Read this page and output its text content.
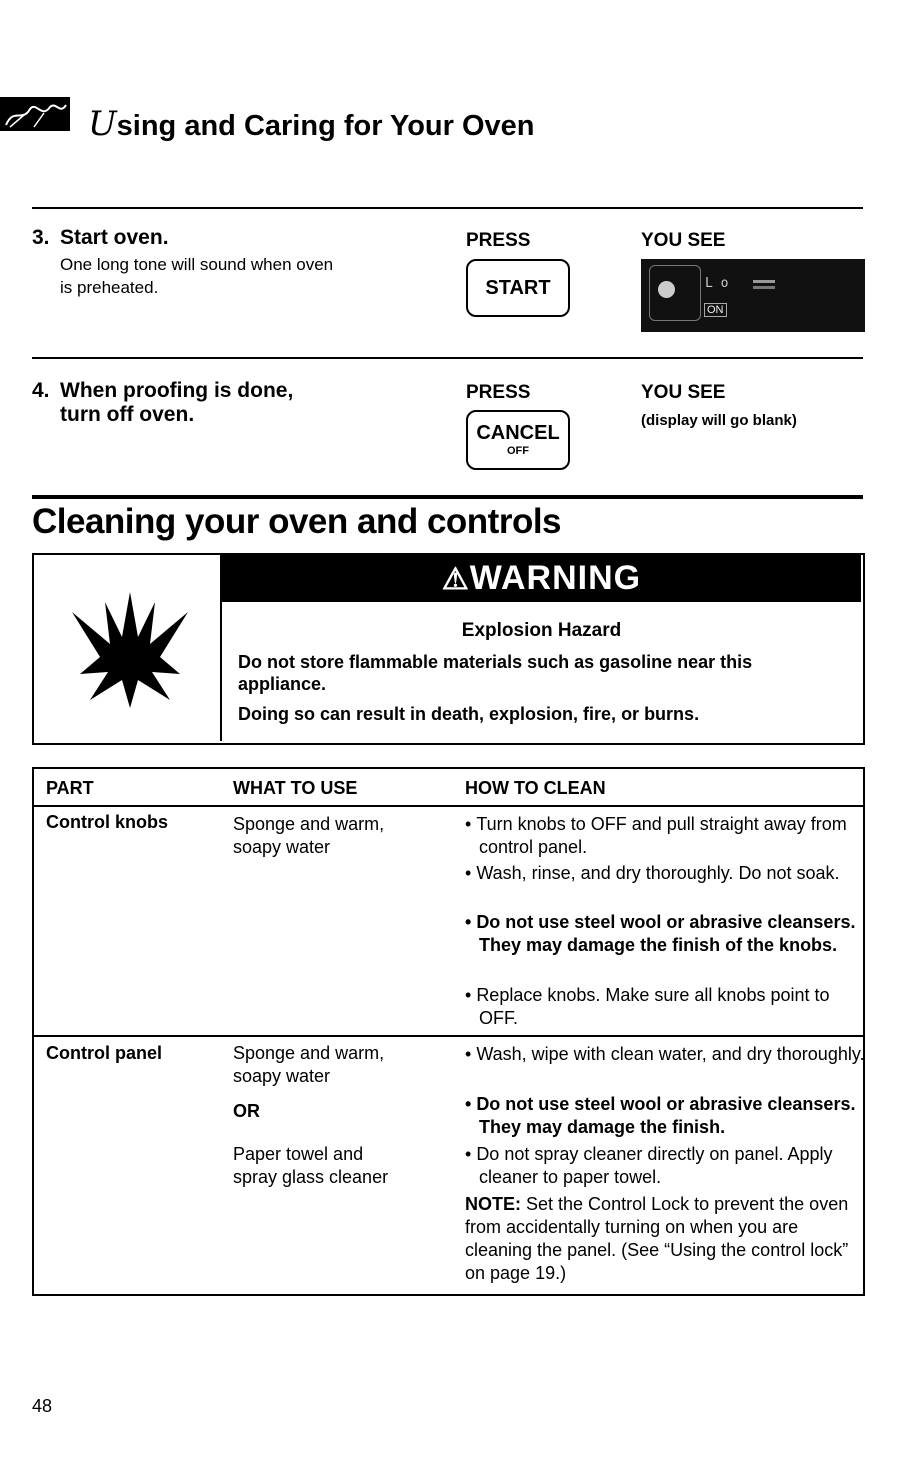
Using and Caring for Your Oven
3. Start oven.
One long tone will sound when oven
is preheated.
PRESS
START
YOU SEE
L o
ON
4. When proofing is done,
turn off oven.
PRESS
CANCEL
OFF
YOU SEE
(display will go blank)
Cleaning your oven and controls
⚠WARNING
Explosion Hazard
Do not store flammable materials such as gasoline near this
appliance.
Doing so can result in death, explosion, fire, or burns.
PART	WHAT TO USE	HOW TO CLEAN
Control knobs	Sponge and warm,
soapy water
• Turn knobs to OFF and pull straight away from control panel.
• Wash, rinse, and dry thoroughly. Do not soak.
• Do not use steel wool or abrasive cleansers. They may damage the finish of the knobs.
• Replace knobs. Make sure all knobs point to OFF.
Control panel	Sponge and warm,
soapy water
OR
Paper towel and
spray glass cleaner
• Wash, wipe with clean water, and dry thoroughly.
• Do not use steel wool or abrasive cleansers. They may damage the finish.
• Do not spray cleaner directly on panel. Apply cleaner to paper towel.
NOTE: Set the Control Lock to prevent the oven from accidentally turning on when you are cleaning the panel. (See “Using the control lock” on page 19.)
48
